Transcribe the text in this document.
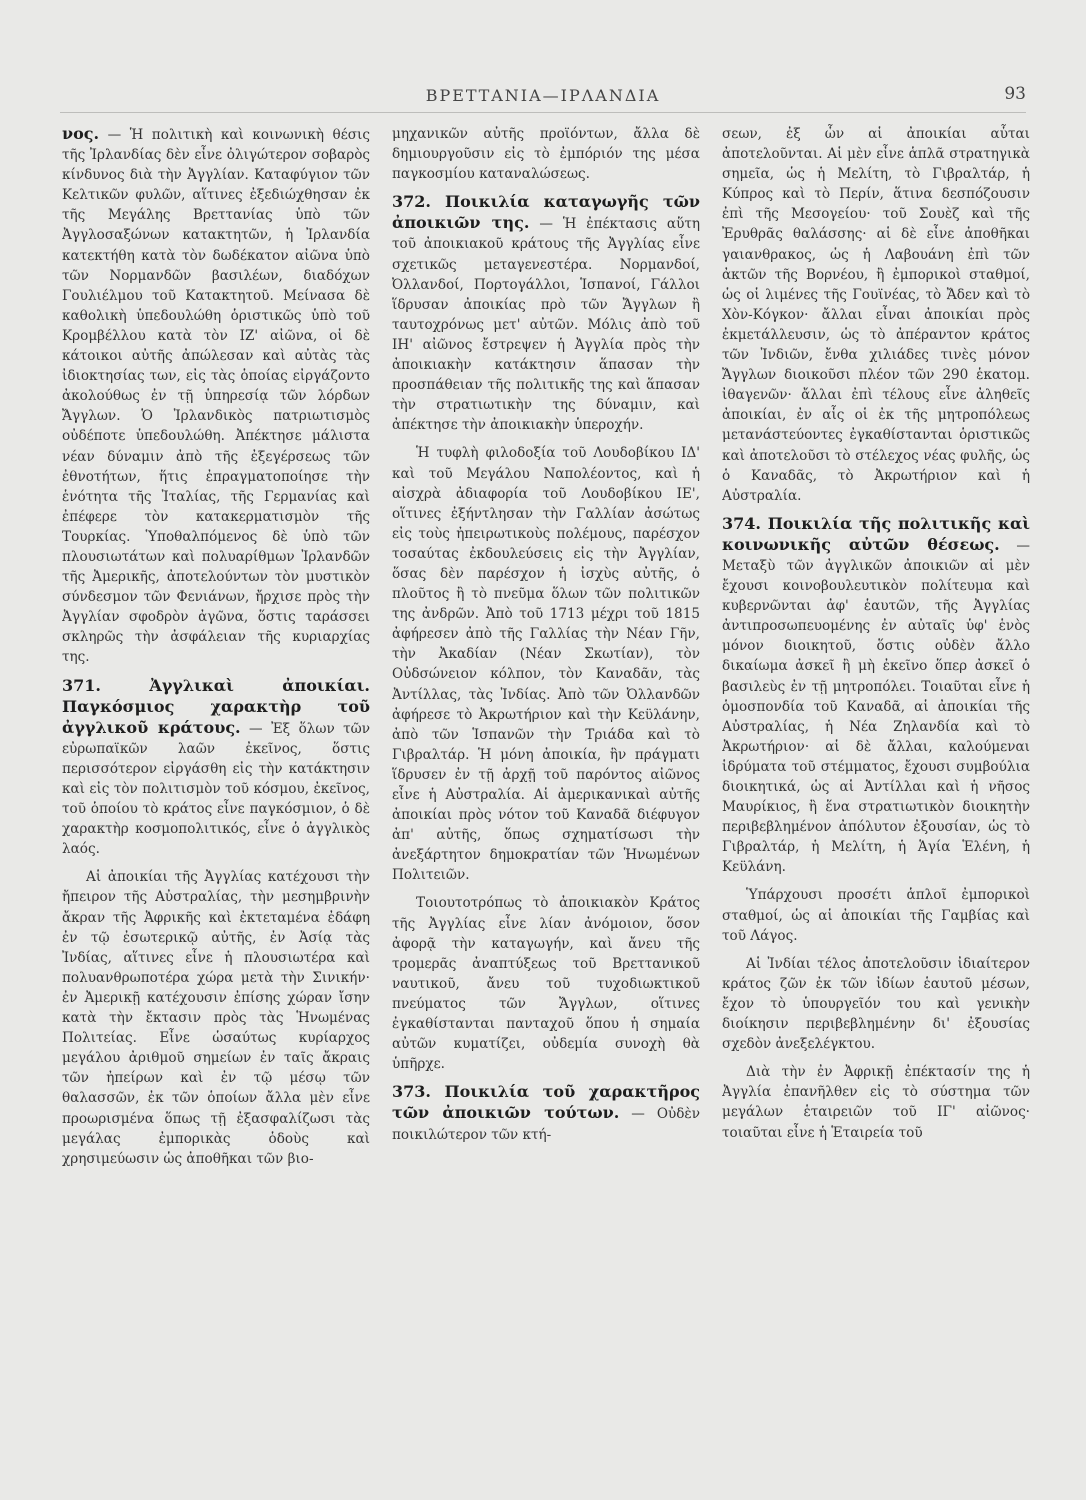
ΒΡΕΤΤΑΝΙΑ—ΙΡΛΑΝΔΙΑ	93

νος. — Ἡ πολιτικὴ καὶ κοινωνικὴ θέσις τῆς Ἰρλανδίας δὲν εἶνε ὀλιγώτερον σοβαρὸς κίνδυνος διὰ τὴν Ἀγγλίαν. Καταφύγιον τῶν Κελτικῶν φυλῶν, αἵτινες ἐξεδιώχθησαν ἐκ τῆς Μεγάλης Βρεττανίας ὑπὸ τῶν Ἀγγλοσαξώνων κατακτητῶν, ἡ Ἰρλανδία κατεκτήθη κατὰ τὸν δωδέκατον αἰῶνα ὑπὸ τῶν Νορμανδῶν βασιλέων, διαδόχων Γουλιέλμου τοῦ Κατακτητοῦ. Μείνασα δὲ καθολικὴ ὑπεδουλώθη ὁριστικῶς ὑπὸ τοῦ Κρομβέλλου κατὰ τὸν ΙΖ' αἰῶνα, οἱ δὲ κάτοικοι αὐτῆς ἀπώλεσαν καὶ αὐτὰς τὰς ἰδιοκτησίας των, εἰς τὰς ὁποίας εἰργάζοντο ἀκολούθως ἐν τῇ ὑπηρεσίᾳ τῶν λόρδων Ἄγγλων. Ὁ Ἰρλανδικὸς πατριωτισμὸς οὐδέποτε ὑπεδουλώθη. Ἀπέκτησε μάλιστα νέαν δύναμιν ἀπὸ τῆς ἐξεγέρσεως τῶν ἐθνοτήτων, ἥτις ἐπραγματοποίησε τὴν ἑνότητα τῆς Ἰταλίας, τῆς Γερμανίας καὶ ἐπέφερε τὸν κατακερματισμὸν τῆς Τουρκίας. Ὑποθαλπόμενος δὲ ὑπὸ τῶν πλουσιωτάτων καὶ πολυαρίθμων Ἰρλανδῶν τῆς Ἀμερικῆς, ἀποτελούντων τὸν μυστικὸν σύνδεσμον τῶν Φενιάνων, ἤρχισε πρὸς τὴν Ἀγγλίαν σφοδρὸν ἀγῶνα, ὅστις ταράσσει σκληρῶς τὴν ἀσφάλειαν τῆς κυριαρχίας της.

371. Ἀγγλικαὶ ἀποικίαι. Παγκόσμιος χαρακτὴρ τοῦ ἀγγλικοῦ κράτους. — Ἐξ ὅλων τῶν εὐρωπαϊκῶν λαῶν ἐκεῖνος, ὅστις περισσότερον εἰργάσθη εἰς τὴν κατάκτησιν καὶ εἰς τὸν πολιτισμὸν τοῦ κόσμου, ἐκεῖνος, τοῦ ὁποίου τὸ κράτος εἶνε παγκόσμιον, ὁ δὲ χαρακτὴρ κοσμοπολιτικός, εἶνε ὁ ἀγγλικὸς λαός.

Αἱ ἀποικίαι τῆς Ἀγγλίας κατέχουσι τὴν ἤπειρον τῆς Αὐστραλίας, τὴν μεσημβρινὴν ἄκραν τῆς Ἀφρικῆς καὶ ἐκτεταμένα ἐδάφη ἐν τῷ ἐσωτερικῷ αὐτῆς, ἐν Ἀσίᾳ τὰς Ἰνδίας, αἵτινες εἶνε ἡ πλουσιωτέρα καὶ πολυανθρωποτέρα χώρα μετὰ τὴν Σινικήν· ἐν Ἀμερικῇ κατέχουσιν ἐπίσης χώραν ἴσην κατὰ τὴν ἔκτασιν πρὸς τὰς Ἡνωμένας Πολιτείας. Εἶνε ὡσαύτως κυρίαρχος μεγάλου ἀριθμοῦ σημείων ἐν ταῖς ἄκραις τῶν ἠπείρων καὶ ἐν τῷ μέσῳ τῶν θαλασσῶν, ἐκ τῶν ὁποίων ἄλλα μὲν εἶνε προωρισμένα ὅπως τῇ ἐξασφαλίζωσι τὰς μεγάλας ἐμπορικὰς ὁδοὺς καὶ χρησιμεύωσιν ὡς ἀποθῆκαι τῶν βιο-

μηχανικῶν αὐτῆς προϊόντων, ἄλλα δὲ δημιουργοῦσιν εἰς τὸ ἐμπόριόν της μέσα παγκοσμίου καταναλώσεως.

372. Ποικιλία καταγωγῆς τῶν ἀποικιῶν της. — Ἡ ἐπέκτασις αὕτη τοῦ ἀποικιακοῦ κράτους τῆς Ἀγγλίας εἶνε σχετικῶς μεταγενεστέρα. Νορμανδοί, Ὀλλανδοί, Πορτογάλλοι, Ἱσπανοί, Γάλλοι ἵδρυσαν ἀποικίας πρὸ τῶν Ἄγγλων ἢ ταυτοχρόνως μετ' αὐτῶν. Μόλις ἀπὸ τοῦ ΙΗ' αἰῶνος ἔστρεψεν ἡ Ἀγγλία πρὸς τὴν ἀποικιακὴν κατάκτησιν ἅπασαν τὴν προσπάθειαν τῆς πολιτικῆς της καὶ ἅπασαν τὴν στρατιωτικὴν της δύναμιν, καὶ ἀπέκτησε τὴν ἀποικιακὴν ὑπεροχήν.

Ἡ τυφλὴ φιλοδοξία τοῦ Λουδοβίκου ΙΔ' καὶ τοῦ Μεγάλου Ναπολέοντος, καὶ ἡ αἰσχρὰ ἀδιαφορία τοῦ Λουδοβίκου ΙΕ', οἵτινες ἐξήντλησαν τὴν Γαλλίαν ἀσώτως εἰς τοὺς ἠπειρωτικοὺς πολέμους, παρέσχον τοσαύτας ἐκδουλεύσεις εἰς τὴν Ἀγγλίαν, ὅσας δὲν παρέσχον ἡ ἰσχὺς αὐτῆς, ὁ πλοῦτος ἢ τὸ πνεῦμα ὅλων τῶν πολιτικῶν της ἀνδρῶν. Ἀπὸ τοῦ 1713 μέχρι τοῦ 1815 ἀφήρεσεν ἀπὸ τῆς Γαλλίας τὴν Νέαν Γῆν, τὴν Ἀκαδίαν (Νέαν Σκωτίαν), τὸν Οὐδσώνειον κόλπον, τὸν Καναδᾶν, τὰς Ἀντίλλας, τὰς Ἰνδίας. Ἀπὸ τῶν Ὀλλανδῶν ἀφήρεσε τὸ Ἀκρωτήριον καὶ τὴν Κεϋλάνην, ἀπὸ τῶν Ἱσπανῶν τὴν Τριάδα καὶ τὸ Γιβραλτάρ. Ἡ μόνη ἀποικία, ἣν πράγματι ἵδρυσεν ἐν τῇ ἀρχῇ τοῦ παρόντος αἰῶνος εἶνε ἡ Αὐστραλία. Αἱ ἀμερικανικαὶ αὐτῆς ἀποικίαι πρὸς νότον τοῦ Καναδᾶ διέφυγον ἀπ' αὐτῆς, ὅπως σχηματίσωσι τὴν ἀνεξάρτητον δημοκρατίαν τῶν Ἡνωμένων Πολιτειῶν.

Τοιουτοτρόπως τὸ ἀποικιακὸν Κράτος τῆς Ἀγγλίας εἶνε λίαν ἀνόμοιον, ὅσον ἀφορᾷ τὴν καταγωγήν, καὶ ἄνευ τῆς τρομερᾶς ἀναπτύξεως τοῦ Βρεττανικοῦ ναυτικοῦ, ἄνευ τοῦ τυχοδιωκτικοῦ πνεύματος τῶν Ἄγγλων, οἵτινες ἐγκαθίστανται πανταχοῦ ὅπου ἡ σημαία αὐτῶν κυματίζει, οὐδεμία συνοχὴ θὰ ὑπῆρχε.

373. Ποικιλία τοῦ χαρακτῆρος τῶν ἀποικιῶν τούτων. — Οὐδὲν ποικιλώτερον τῶν κτή-

σεων, ἐξ ὧν αἱ ἀποικίαι αὗται ἀποτελοῦνται. Αἱ μὲν εἶνε ἁπλᾶ στρατηγικὰ σημεῖα, ὡς ἡ Μελίτη, τὸ Γιβραλτάρ, ἡ Κύπρος καὶ τὸ Περίν, ἅτινα δεσπόζουσιν ἐπὶ τῆς Μεσογείου· τοῦ Σουὲζ καὶ τῆς Ἐρυθρᾶς θαλάσσης· αἱ δὲ εἶνε ἀποθῆκαι γαιανθρακος, ὡς ἡ Λαβουάνη ἐπὶ τῶν ἀκτῶν τῆς Βορνέου, ἢ ἐμπορικοὶ σταθμοί, ὡς οἱ λιμένες τῆς Γουϊνέας, τὸ Ἄδεν καὶ τὸ Χὸν-Κόγκον· ἄλλαι εἶναι ἀποικίαι πρὸς ἐκμετάλλευσιν, ὡς τὸ ἀπέραντον κράτος τῶν Ἰνδιῶν, ἔνθα χιλιάδες τινὲς μόνον Ἄγγλων διοικοῦσι πλέον τῶν 290 ἑκατομ. ἰθαγενῶν· ἄλλαι ἐπὶ τέλους εἶνε ἀληθεῖς ἀποικίαι, ἐν αἷς οἱ ἐκ τῆς μητροπόλεως μετανάστεύοντες ἐγκαθίστανται ὁριστικῶς καὶ ἀποτελοῦσι τὸ στέλεχος νέας φυλῆς, ὡς ὁ Καναδᾶς, τὸ Ἀκρωτήριον καὶ ἡ Αὐστραλία.

374. Ποικιλία τῆς πολιτικῆς καὶ κοινωνικῆς αὐτῶν θέσεως. — Μεταξὺ τῶν ἀγγλικῶν ἀποικιῶν αἱ μὲν ἔχουσι κοινοβουλευτικὸν πολίτευμα καὶ κυβερνῶνται ἀφ' ἑαυτῶν, τῆς Ἀγγλίας ἀντιπροσωπευομένης ἐν αὐταῖς ὑφ' ἑνὸς μόνον διοικητοῦ, ὅστις οὐδὲν ἄλλο δικαίωμα ἀσκεῖ ἢ μὴ ἐκεῖνο ὅπερ ἀσκεῖ ὁ βασιλεὺς ἐν τῇ μητροπόλει. Τοιαῦται εἶνε ἡ ὁμοσπονδία τοῦ Καναδᾶ, αἱ ἀποικίαι τῆς Αὐστραλίας, ἡ Νέα Ζηλανδία καὶ τὸ Ἀκρωτήριον· αἱ δὲ ἄλλαι, καλούμεναι ἱδρύματα τοῦ στέμματος, ἔχουσι συμβούλια διοικητικά, ὡς αἱ Ἀντίλλαι καὶ ἡ νῆσος Μαυρίκιος, ἢ ἕνα στρατιωτικὸν διοικητὴν περιβεβλημένον ἀπόλυτον ἐξουσίαν, ὡς τὸ Γιβραλτάρ, ἡ Μελίτη, ἡ Ἁγία Ἑλένη, ἡ Κεϋλάνη.

Ὑπάρχουσι προσέτι ἁπλοῖ ἐμπορικοὶ σταθμοί, ὡς αἱ ἀποικίαι τῆς Γαμβίας καὶ τοῦ Λάγος.

Αἱ Ἰνδίαι τέλος ἀποτελοῦσιν ἰδιαίτερον κράτος ζῶν ἐκ τῶν ἰδίων ἑαυτοῦ μέσων, ἔχον τὸ ὑπουργεῖόν του καὶ γενικὴν διοίκησιν περιβεβλημένην δι' ἐξουσίας σχεδὸν ἀνεξελέγκτου.

Διὰ τὴν ἐν Ἀφρικῇ ἐπέκτασίν της ἡ Ἀγγλία ἐπανῆλθεν εἰς τὸ σύστημα τῶν μεγάλων ἑταιρειῶν τοῦ ΙΓ' αἰῶνος· τοιαῦται εἶνε ἡ Ἑταιρεία τοῦ
